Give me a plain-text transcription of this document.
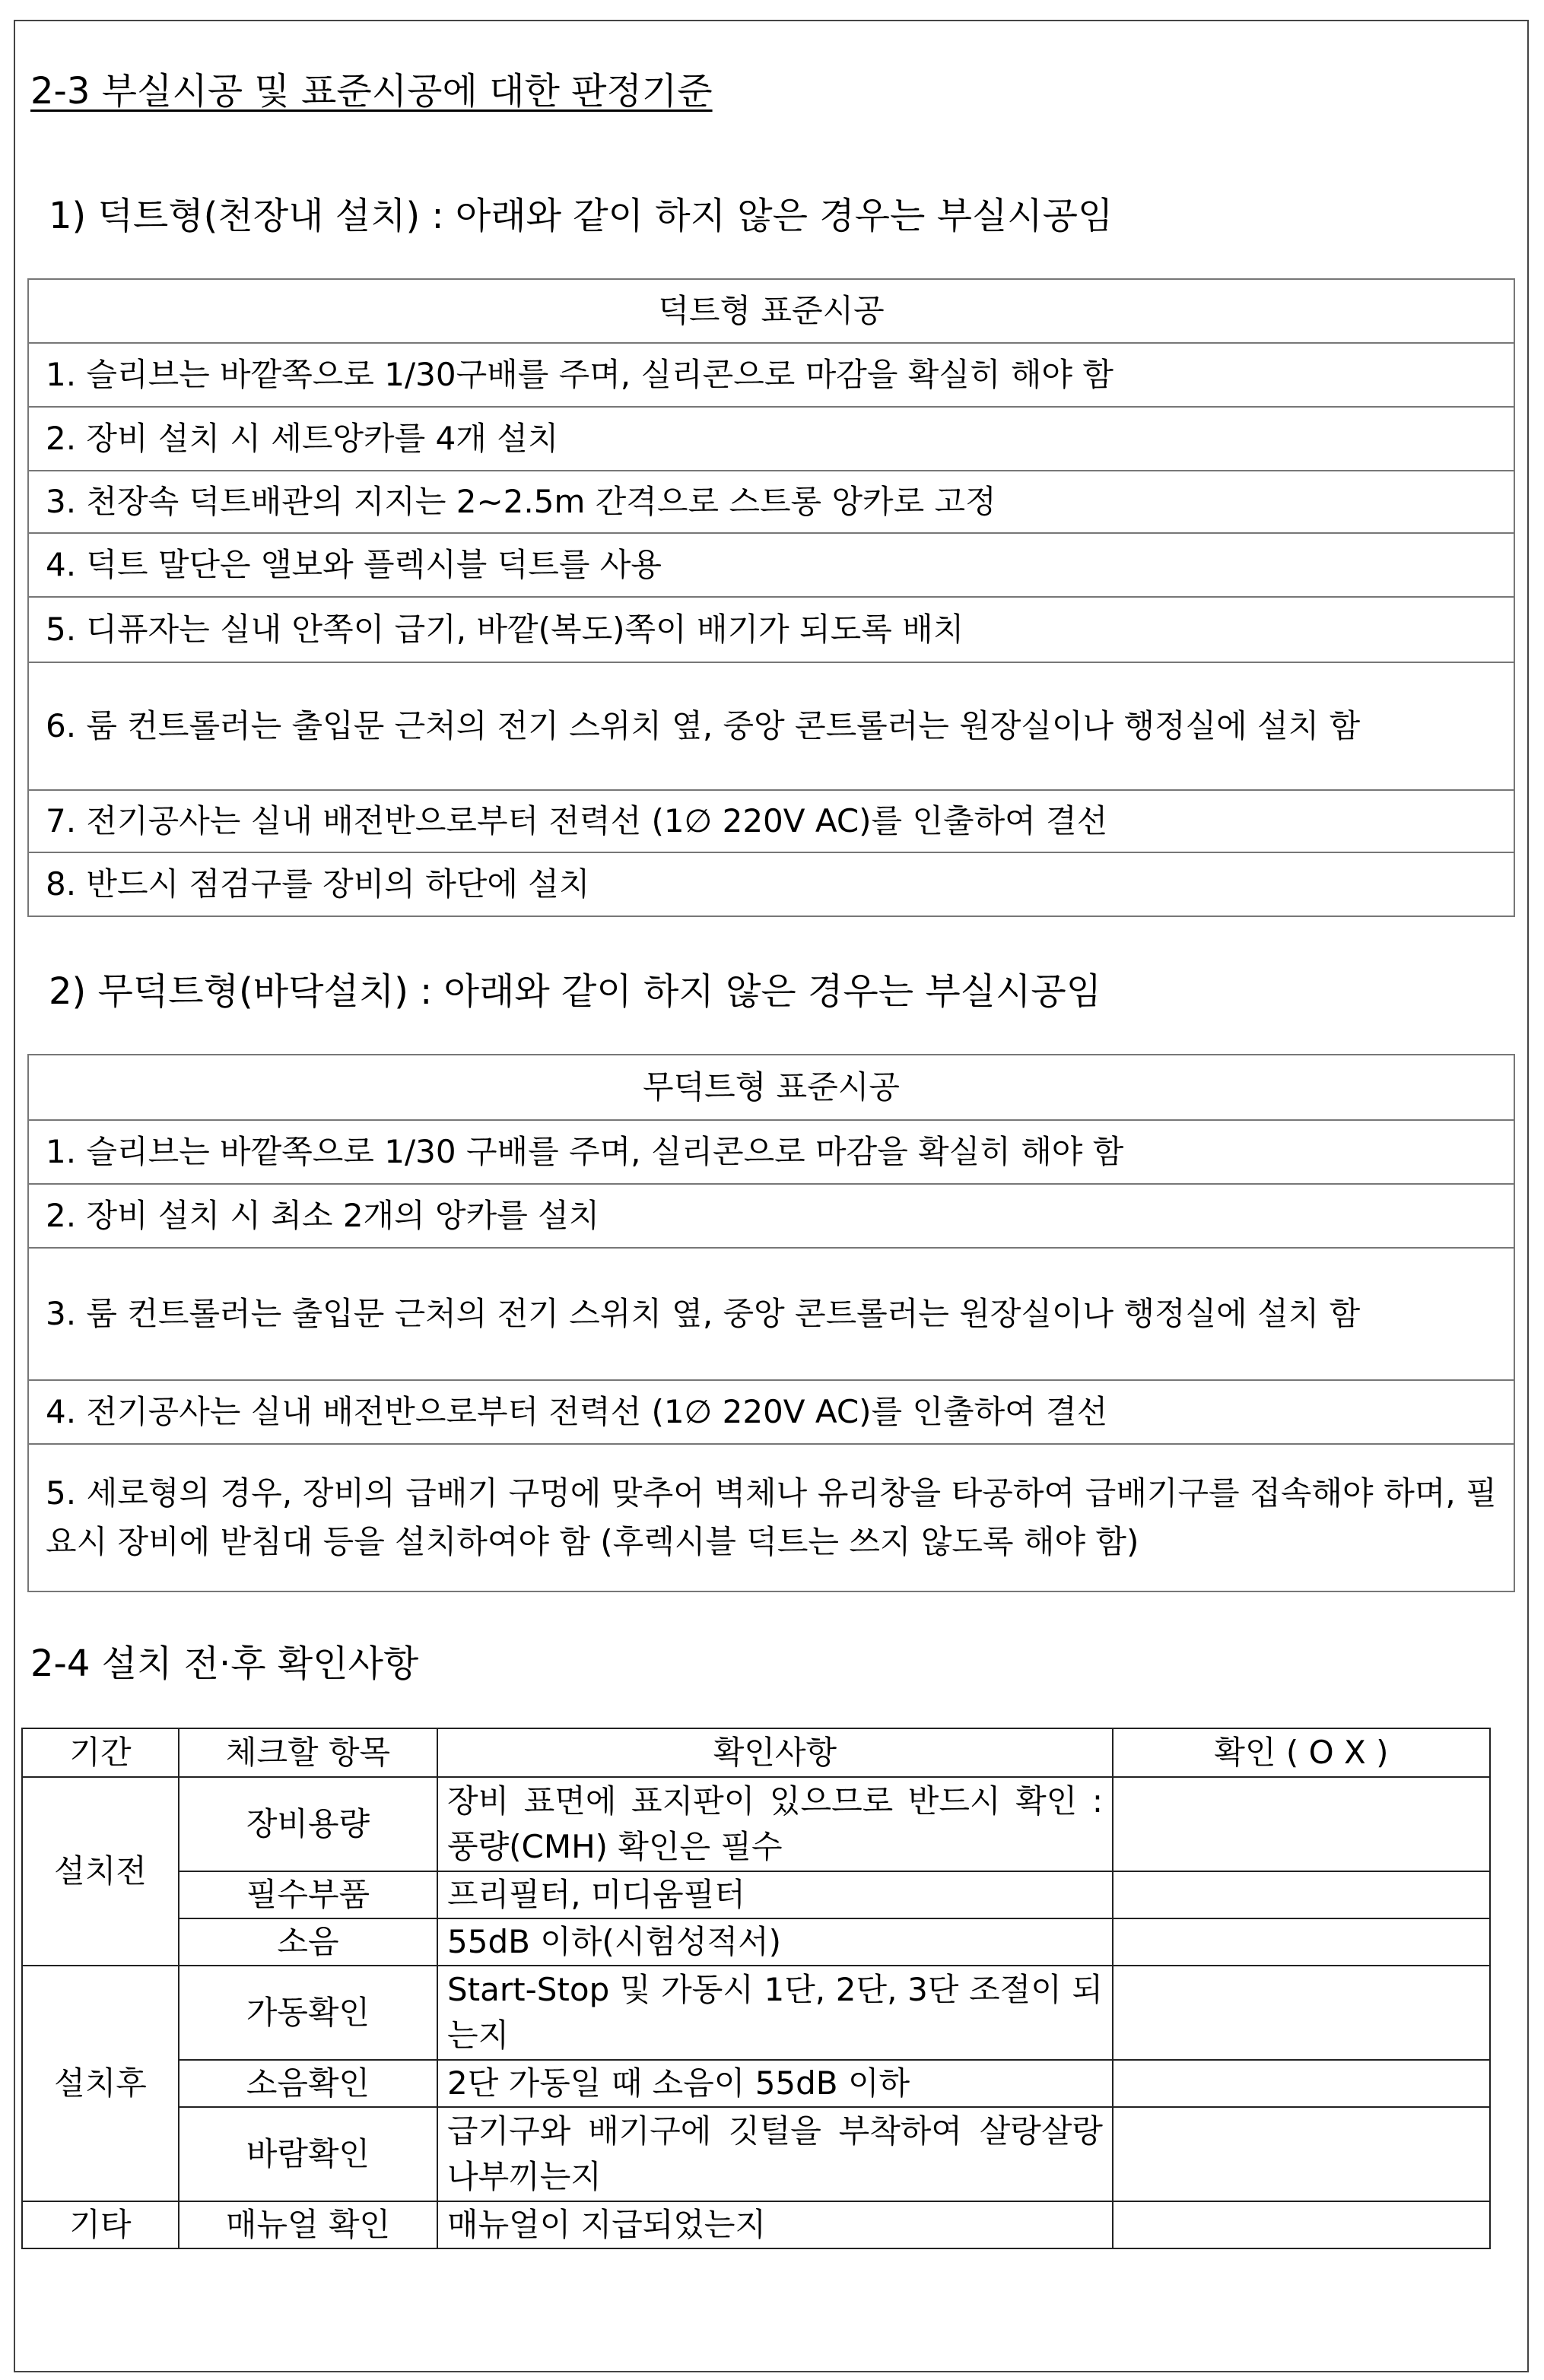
2-3 부실시공 및 표준시공에 대한 판정기준
1) 덕트형(천장내 설치) : 아래와 같이 하지 않은 경우는 부실시공임
덕트형 표준시공
1. 슬리브는 바깥쪽으로 1/30구배를 주며, 실리콘으로 마감을 확실히 해야 함
2. 장비 설치 시 세트앙카를 4개 설치
3. 천장속 덕트배관의 지지는 2~2.5m 간격으로 스트롱 앙카로 고정
4. 덕트 말단은 앨보와 플렉시블 덕트를 사용
5. 디퓨자는 실내 안쪽이 급기, 바깥(복도)쪽이 배기가 되도록 배치
6. 룸 컨트롤러는 출입문 근처의 전기 스위치 옆, 중앙 콘트롤러는 원장실이나 행정실에 설치 함
7. 전기공사는 실내 배전반으로부터 전력선 (1∅ 220V AC)를 인출하여 결선
8. 반드시 점검구를 장비의 하단에 설치
2) 무덕트형(바닥설치) : 아래와 같이 하지 않은 경우는 부실시공임
무덕트형 표준시공
1. 슬리브는 바깥쪽으로 1/30 구배를 주며, 실리콘으로 마감을 확실히 해야 함
2. 장비 설치 시 최소 2개의 앙카를 설치
3. 룸 컨트롤러는 출입문 근처의 전기 스위치 옆, 중앙 콘트롤러는 원장실이나 행정실에 설치 함
4. 전기공사는 실내 배전반으로부터 전력선 (1∅ 220V AC)를 인출하여 결선
5. 세로형의 경우, 장비의 급배기 구멍에 맞추어 벽체나 유리창을 타공하여 급배기구를 접속해야 하며, 필요시 장비에 받침대 등을 설치하여야 함 (후렉시블 덕트는 쓰지 않도록 해야 함)
2-4 설치 전·후 확인사항
기간	체크할 항목	확인사항	확인 ( O X )
설치전	장비용량	장비 표면에 표지판이 있으므로 반드시 확인 : 풍량(CMH) 확인은 필수	
	필수부품	프리필터, 미디움필터	
	소음	55dB 이하(시험성적서)	
설치후	가동확인	Start-Stop 및 가동시 1단, 2단, 3단 조절이 되는지	
	소음확인	2단 가동일 때 소음이 55dB 이하	
	바람확인	급기구와 배기구에 깃털을 부착하여 살랑살랑 나부끼는지	
기타	매뉴얼 확인	매뉴얼이 지급되었는지	
